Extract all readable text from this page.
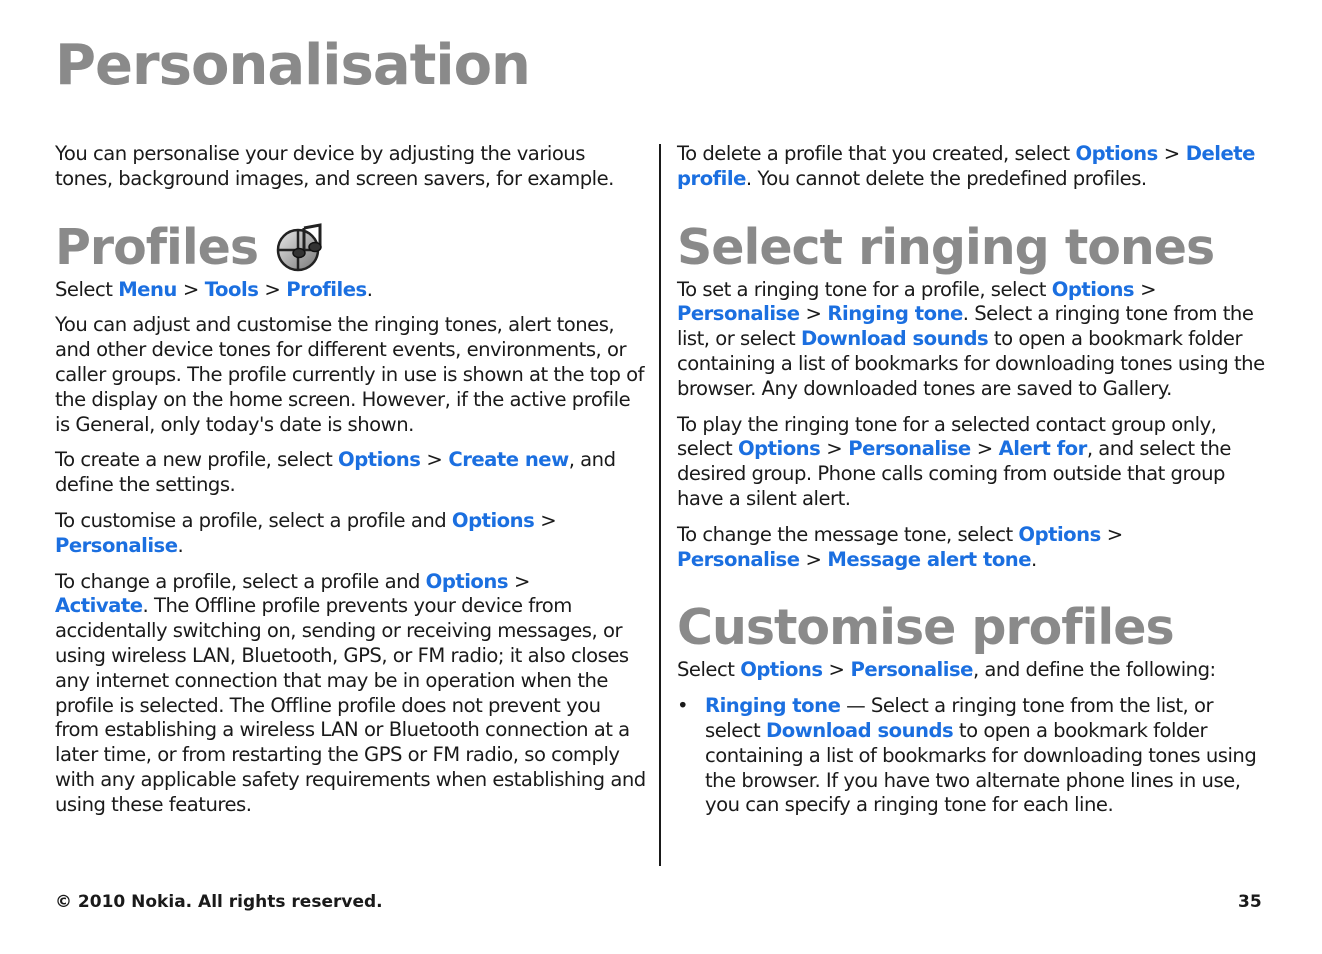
Personalisation

You can personalise your device by adjusting the various tones, background images, and screen savers, for example.

Profiles

Select Menu > Tools > Profiles.

You can adjust and customise the ringing tones, alert tones, and other device tones for different events, environments, or caller groups. The profile currently in use is shown at the top of the display on the home screen. However, if the active profile is General, only today's date is shown.

To create a new profile, select Options > Create new, and define the settings.

To customise a profile, select a profile and Options >
Personalise.

To change a profile, select a profile and Options >
Activate. The Offline profile prevents your device from accidentally switching on, sending or receiving messages, or using wireless LAN, Bluetooth, GPS, or FM radio; it also closes any internet connection that may be in operation when the profile is selected. The Offline profile does not prevent you from establishing a wireless LAN or Bluetooth connection at a later time, or from restarting the GPS or FM radio, so comply with any applicable safety requirements when establishing and using these features.

To delete a profile that you created, select Options > Delete profile. You cannot delete the predefined profiles.

Select ringing tones

To set a ringing tone for a profile, select Options >
Personalise > Ringing tone. Select a ringing tone from the list, or select Download sounds to open a bookmark folder containing a list of bookmarks for downloading tones using the browser. Any downloaded tones are saved to Gallery.

To play the ringing tone for a selected contact group only, select Options > Personalise > Alert for, and select the desired group. Phone calls coming from outside that group have a silent alert.

To change the message tone, select Options >
Personalise > Message alert tone.

Customise profiles

Select Options > Personalise, and define the following:

• Ringing tone — Select a ringing tone from the list, or select Download sounds to open a bookmark folder containing a list of bookmarks for downloading tones using the browser. If you have two alternate phone lines in use, you can specify a ringing tone for each line.
© 2010 Nokia. All rights reserved.	35
